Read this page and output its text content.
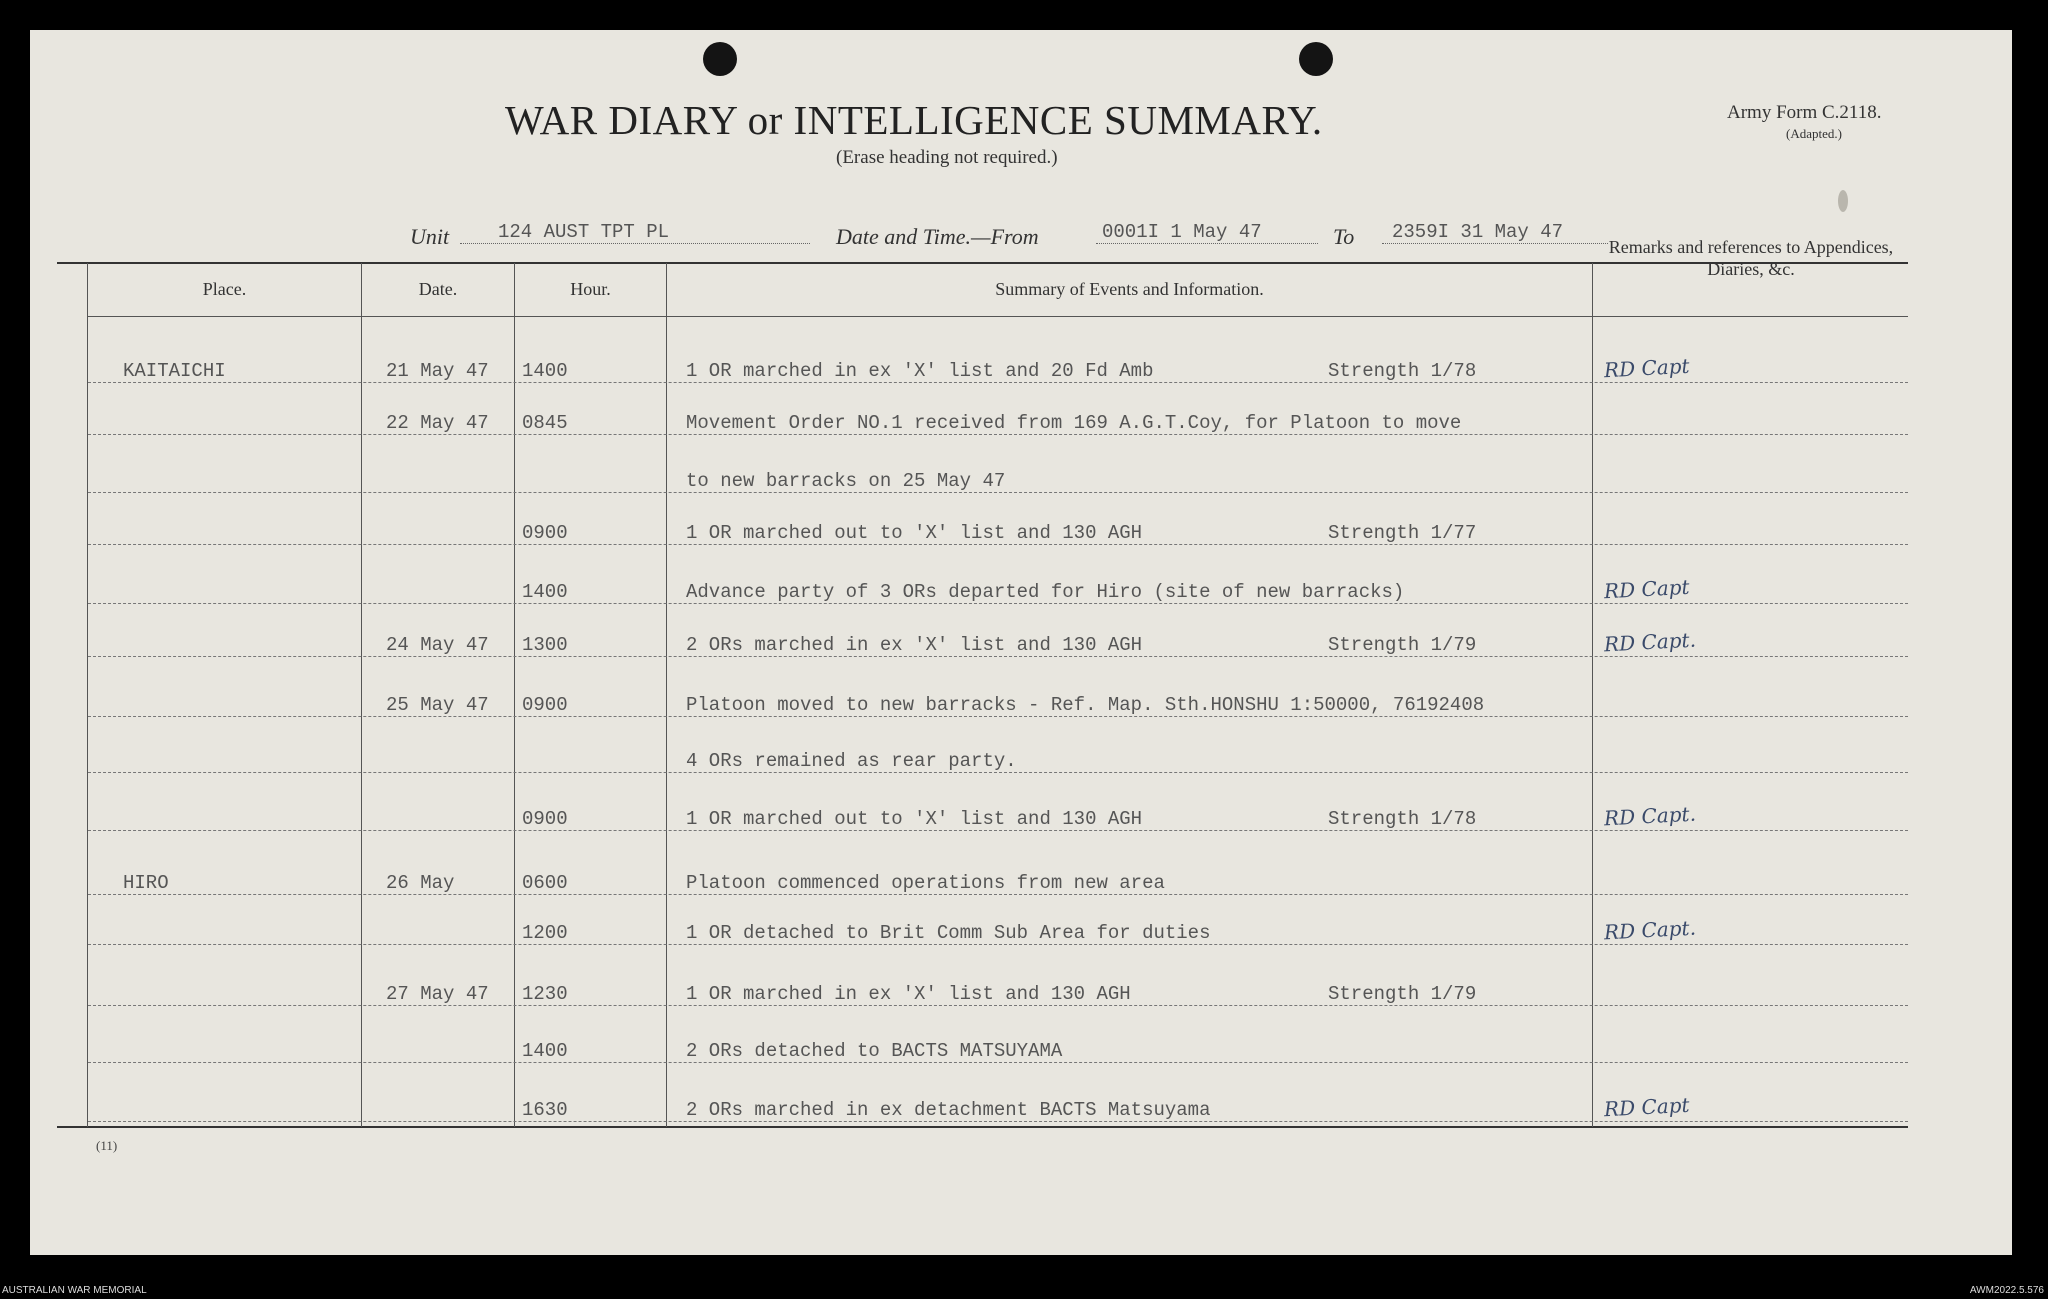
WAR DIARY or INTELLIGENCE SUMMARY.
(Erase heading not required.)
Army Form C.2118.
(Adapted.)
Unit	124 AUST TPT PL	Date and Time.—From	0001I 1 May 47	To 2359I 31 May 47
Place.	Date.	Hour.	Summary of Events and Information.
Remarks and references to Appendices, Diaries, &c.
KAITAICHI	21 May 47 1400	1 OR marched in ex 'X' list and 20 Fd Amb	Strength 1/78	RD Capt
22 May 47 0845	Movement Order NO.1 received from 169 A.G.T.Coy, for Platoon to move
to new barracks on 25 May 47
0900	1 OR marched out to 'X' list and 130 AGH	Strength 1/77
1400	Advance party of 3 ORs departed for Hiro (site of new barracks)	RD Capt
24 May 47 1300	2 ORs marched in ex 'X' list and 130 AGH	Strength 1/79	RD Capt.
25 May 47 0900	Platoon moved to new barracks - Ref. Map. Sth.HONSHU 1:50000, 76192408
4 ORs remained as rear party.
0900	1 OR marched out to 'X' list and 130 AGH	Strength 1/78	RD Capt.
HIRO	26 May	0600	Platoon commenced operations from new area
1200	1 OR detached to Brit Comm Sub Area for duties	RD Capt.
27 May 47 1230	1 OR marched in ex 'X' list and 130 AGH	Strength 1/79
1400	2 ORs detached to BACTS MATSUYAMA
1630	2 ORs marched in ex detachment BACTS Matsuyama	RD Capt
(11)
AUSTRALIAN WAR MEMORIAL	AWM2022.5.576
